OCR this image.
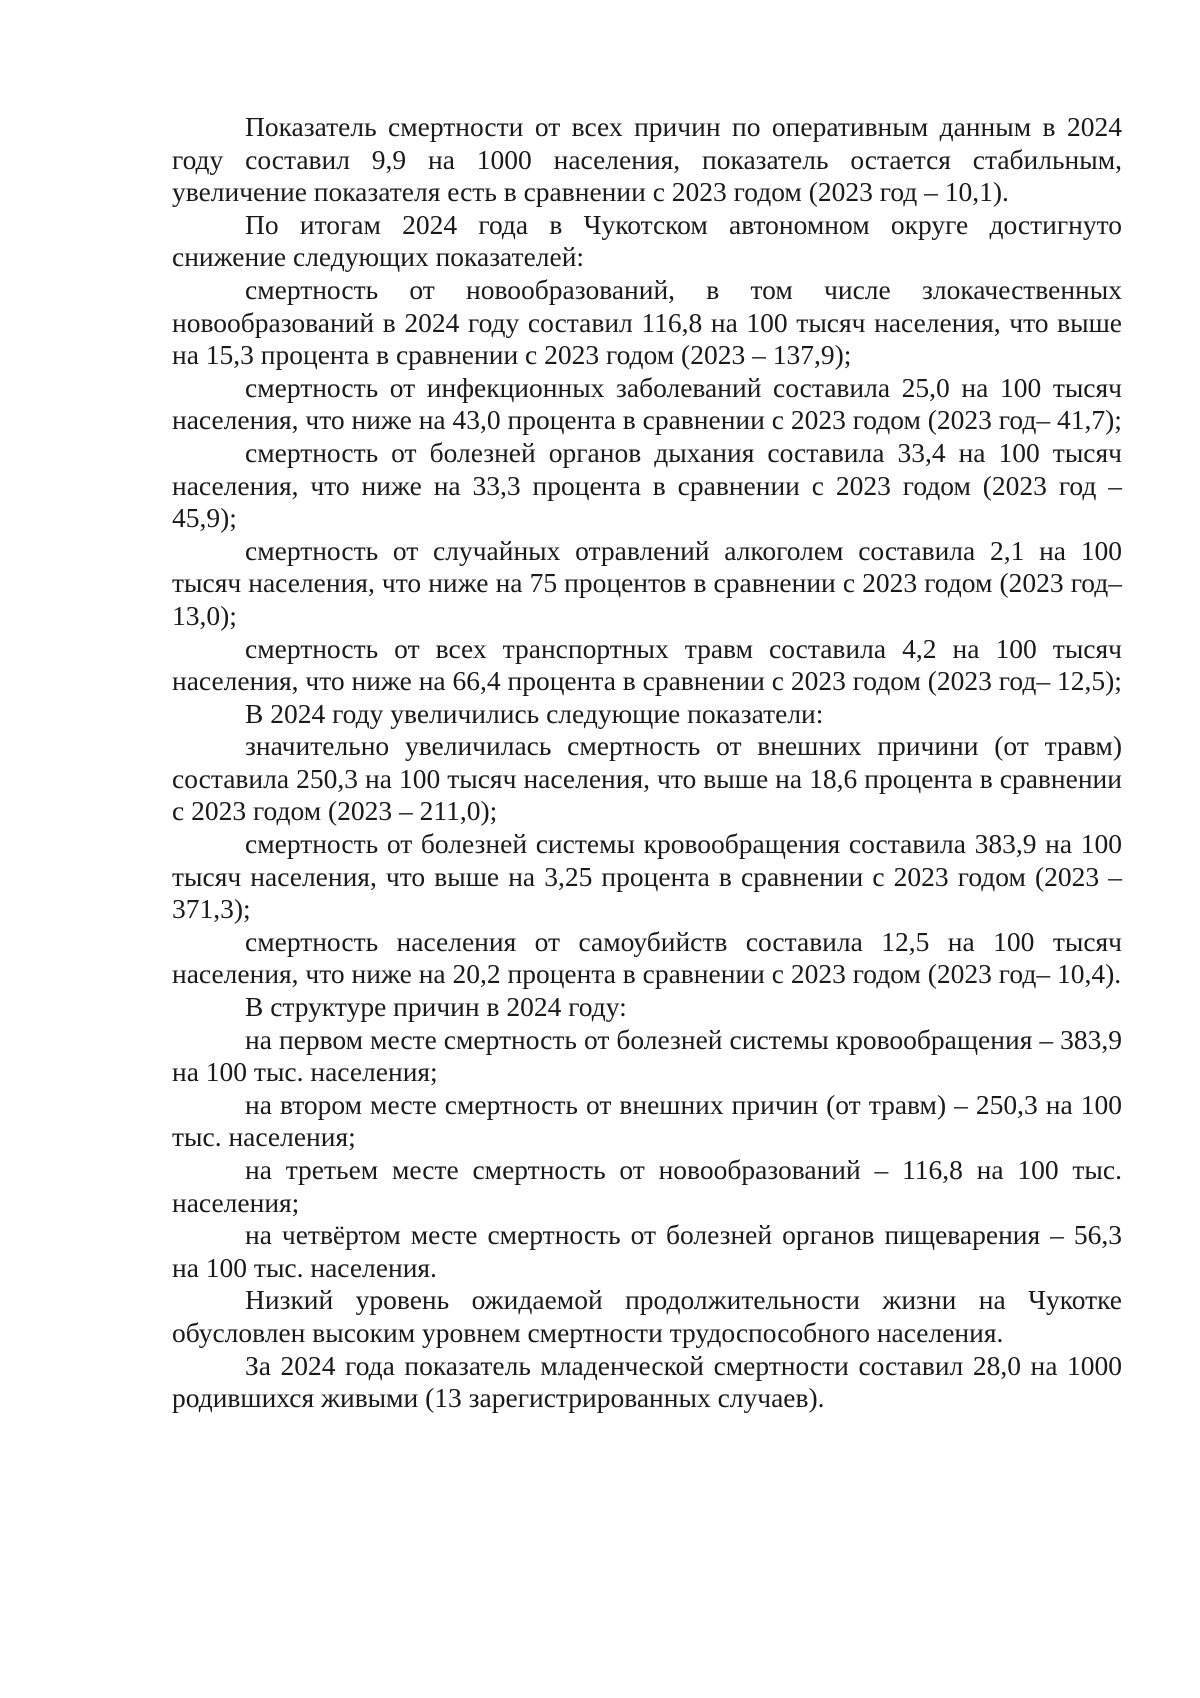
Показатель смертности от всех причин по оперативным данным в 2024 году составил 9,9 на 1000 населения, показатель остается стабильным, увеличение показателя есть в сравнении с 2023 годом (2023 год – 10,1).

По итогам 2024 года в Чукотском автономном округе достигнуто снижение следующих показателей:

смертность от новообразований, в том числе злокачественных новообразований в 2024 году составил 116,8 на 100 тысяч населения, что выше на 15,3 процента в сравнении с 2023 годом (2023 – 137,9);

смертность от инфекционных заболеваний составила 25,0 на 100 тысяч населения, что ниже на 43,0 процента в сравнении с 2023 годом (2023 год– 41,7);

смертность от болезней органов дыхания составила 33,4 на 100 тысяч населения, что ниже на 33,3 процента в сравнении с 2023 годом (2023 год – 45,9);

смертность от случайных отравлений алкоголем составила 2,1 на 100 тысяч населения, что ниже на 75 процентов в сравнении с 2023 годом (2023 год– 13,0);

смертность от всех транспортных травм составила 4,2 на 100 тысяч населения, что ниже на 66,4 процента в сравнении с 2023 годом (2023 год– 12,5);

В 2024 году увеличились следующие показатели:

значительно увеличилась смертность от внешних причини (от травм) составила 250,3 на 100 тысяч населения, что выше на 18,6 процента в сравнении с 2023 годом (2023 – 211,0);

смертность от болезней системы кровообращения составила 383,9 на 100 тысяч населения, что выше на 3,25 процента в сравнении с 2023 годом (2023 – 371,3);

смертность населения от самоубийств составила 12,5 на 100 тысяч населения, что ниже на 20,2 процента в сравнении с 2023 годом (2023 год– 10,4).

В структуре причин в 2024 году:

на первом месте смертность от болезней системы кровообращения – 383,9 на 100 тыс. населения;

на втором месте смертность от внешних причин (от травм) – 250,3 на 100 тыс. населения;

на третьем месте смертность от новообразований – 116,8 на 100 тыс. населения;

на четвёртом месте смертность от болезней органов пищеварения – 56,3 на 100 тыс. населения.

Низкий уровень ожидаемой продолжительности жизни на Чукотке обусловлен высоким уровнем смертности трудоспособного населения.

За 2024 года показатель младенческой смертности составил 28,0 на 1000 родившихся живыми (13 зарегистрированных случаев).
